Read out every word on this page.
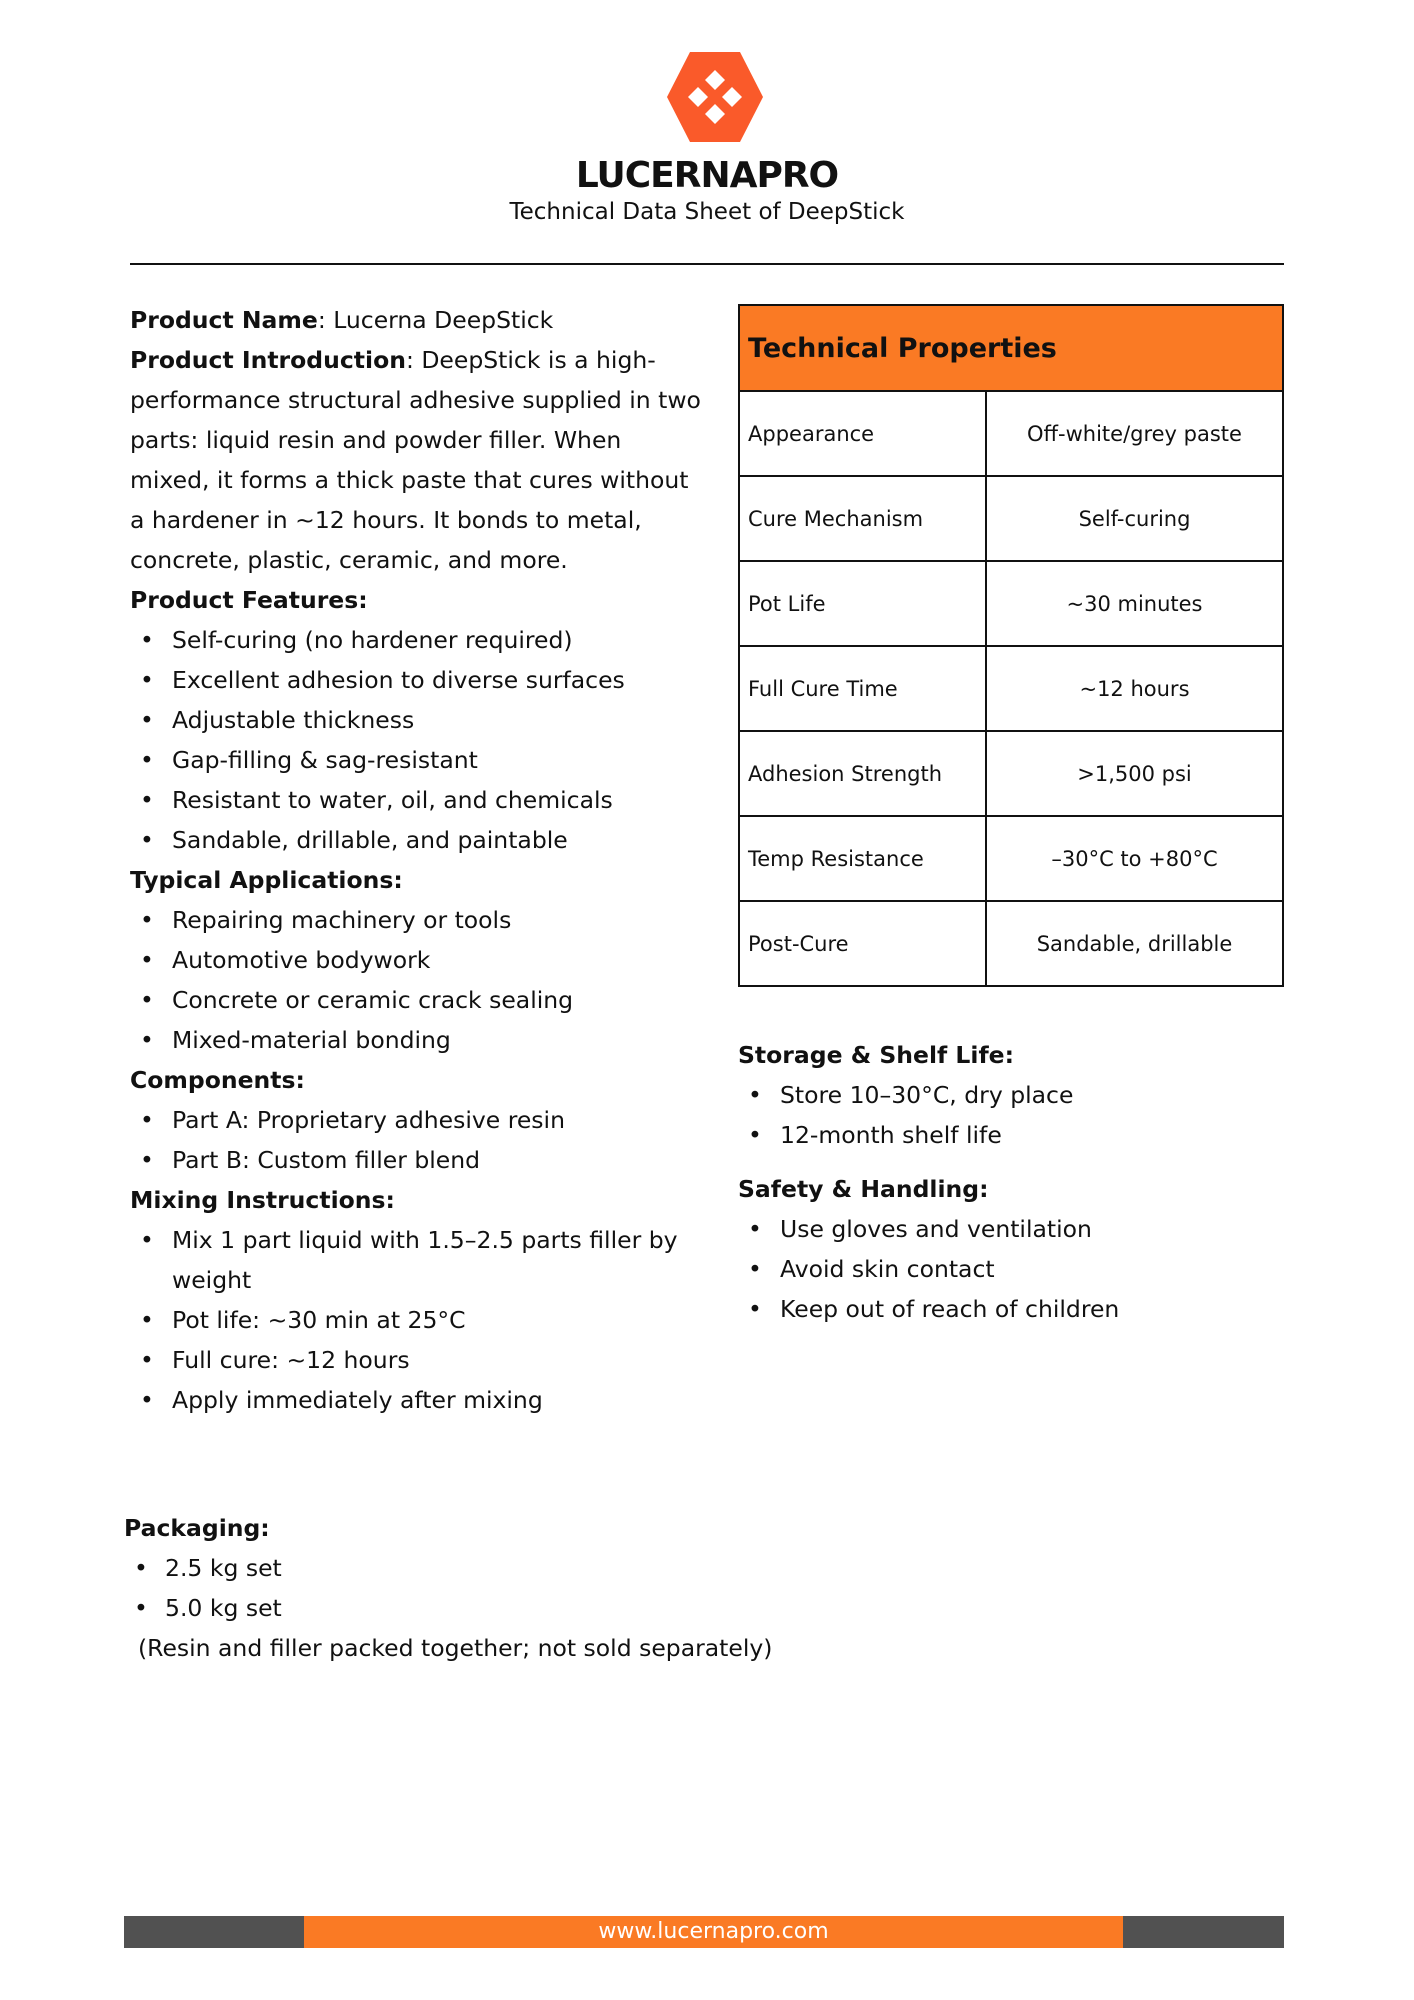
LUCERNAPRO
Technical Data Sheet of DeepStick

Product Name: Lucerna DeepStick

Product Introduction: DeepStick is a high-performance structural adhesive supplied in two parts: liquid resin and powder filler. When mixed, it forms a thick paste that cures without a hardener in ~12 hours. It bonds to metal, concrete, plastic, ceramic, and more.

Product Features:

• Self-curing (no hardener required)
• Excellent adhesion to diverse surfaces
• Adjustable thickness
• Gap-filling & sag-resistant
• Resistant to water, oil, and chemicals
• Sandable, drillable, and paintable

Typical Applications:

• Repairing machinery or tools
• Automotive bodywork
• Concrete or ceramic crack sealing
• Mixed-material bonding

Components:

• Part A: Proprietary adhesive resin
• Part B: Custom filler blend

Mixing Instructions:

• Mix 1 part liquid with 1.5–2.5 parts filler by weight
• Pot life: ~30 min at 25°C
• Full cure: ~12 hours
• Apply immediately after mixing

Packaging:

• 2.5 kg set
• 5.0 kg set
(Resin and filler packed together; not sold separately)
Technical Properties	
Appearance	Off-white/grey paste
Cure Mechanism	Self-curing
Pot Life	~30 minutes
Full Cure Time	~12 hours
Adhesion Strength	>1,500 psi
Temp Resistance	–30°C to +80°C
Post-Cure	Sandable, drillable

Storage & Shelf Life:

• Store 10–30°C, dry place
• 12-month shelf life

Safety & Handling:

• Use gloves and ventilation
• Avoid skin contact
• Keep out of reach of children
www.lucernapro.com
